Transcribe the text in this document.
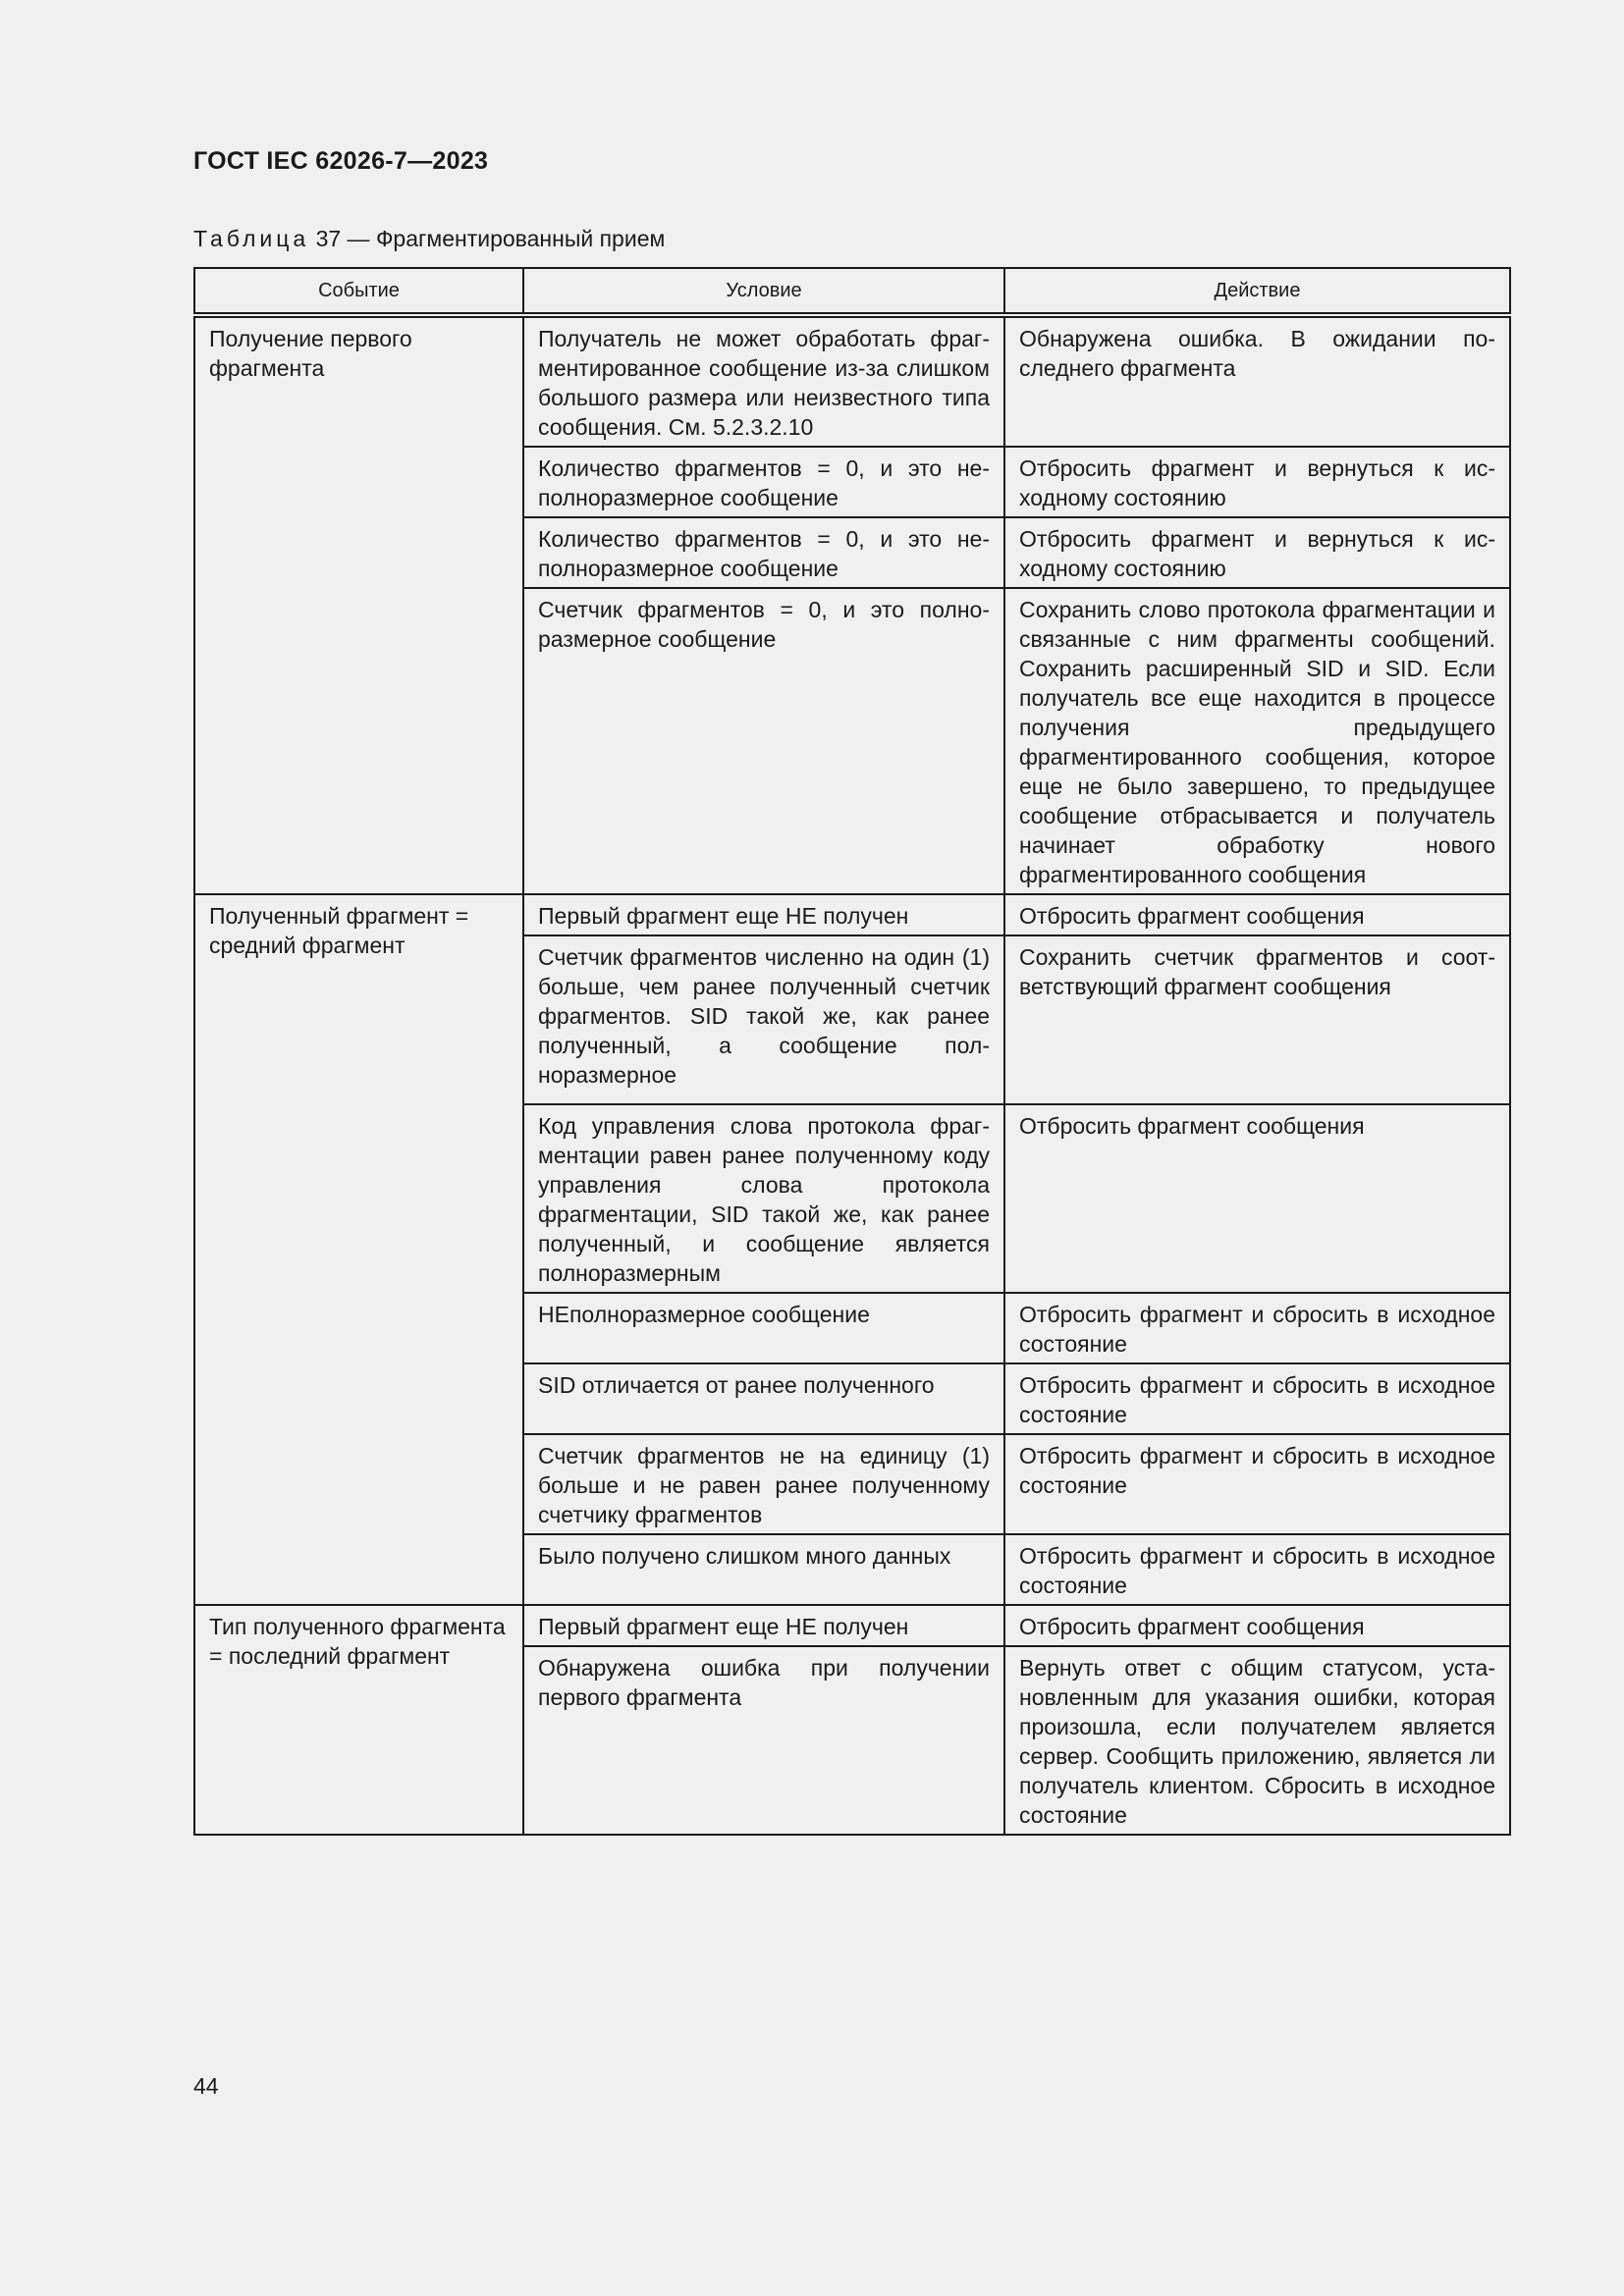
ГОСТ IEC 62026-7—2023
Таблица 37 — Фрагментированный прием
Событие	Условие	Действие
Получение первого фрагмента	Получатель не может обработать фрагментированное сообщение из-за слишком большого размера или неизвестного типа сообщения. См. 5.2.3.2.10	Обнаружена ошибка. В ожидании последнего фрагмента
	Количество фрагментов = 0, и это неполноразмерное сообщение	Отбросить фрагмент и вернуться к исходному состоянию
	Количество фрагментов = 0, и это неполноразмерное сообщение	Отбросить фрагмент и вернуться к исходному состоянию
	Счетчик фрагментов = 0, и это полноразмерное сообщение	Сохранить слово протокола фрагментации и связанные с ним фрагменты сообщений. Сохранить расширенный SID и SID. Если получатель все еще находится в процессе получения предыдущего фрагментированного сообщения, которое еще не было завершено, то предыдущее сообщение отбрасывается и получатель начинает обработку нового фрагментированного сообщения
Полученный фрагмент = средний фрагмент	Первый фрагмент еще НЕ получен	Отбросить фрагмент сообщения
	Счетчик фрагментов численно на один (1) больше, чем ранее полученный счетчик фрагментов. SID такой же, как ранее полученный, а сообщение полноразмерное	Сохранить счетчик фрагментов и соответствующий фрагмент сообщения
	Код управления слова протокола фрагментации равен ранее полученному коду управления слова протокола фрагментации, SID такой же, как ранее полученный, и сообщение является полноразмерным	Отбросить фрагмент сообщения
	НЕполноразмерное сообщение	Отбросить фрагмент и сбросить в исходное состояние
	SID отличается от ранее полученного	Отбросить фрагмент и сбросить в исходное состояние
	Счетчик фрагментов не на единицу (1) больше и не равен ранее полученному счетчику фрагментов	Отбросить фрагмент и сбросить в исходное состояние
	Было получено слишком много данных	Отбросить фрагмент и сбросить в исходное состояние
Тип полученного фрагмента = последний фрагмент	Первый фрагмент еще НЕ получен	Отбросить фрагмент сообщения
	Обнаружена ошибка при получении первого фрагмента	Вернуть ответ с общим статусом, установленным для указания ошибки, которая произошла, если получателем является сервер. Сообщить приложению, является ли получатель клиентом. Сбросить в исходное состояние
44
